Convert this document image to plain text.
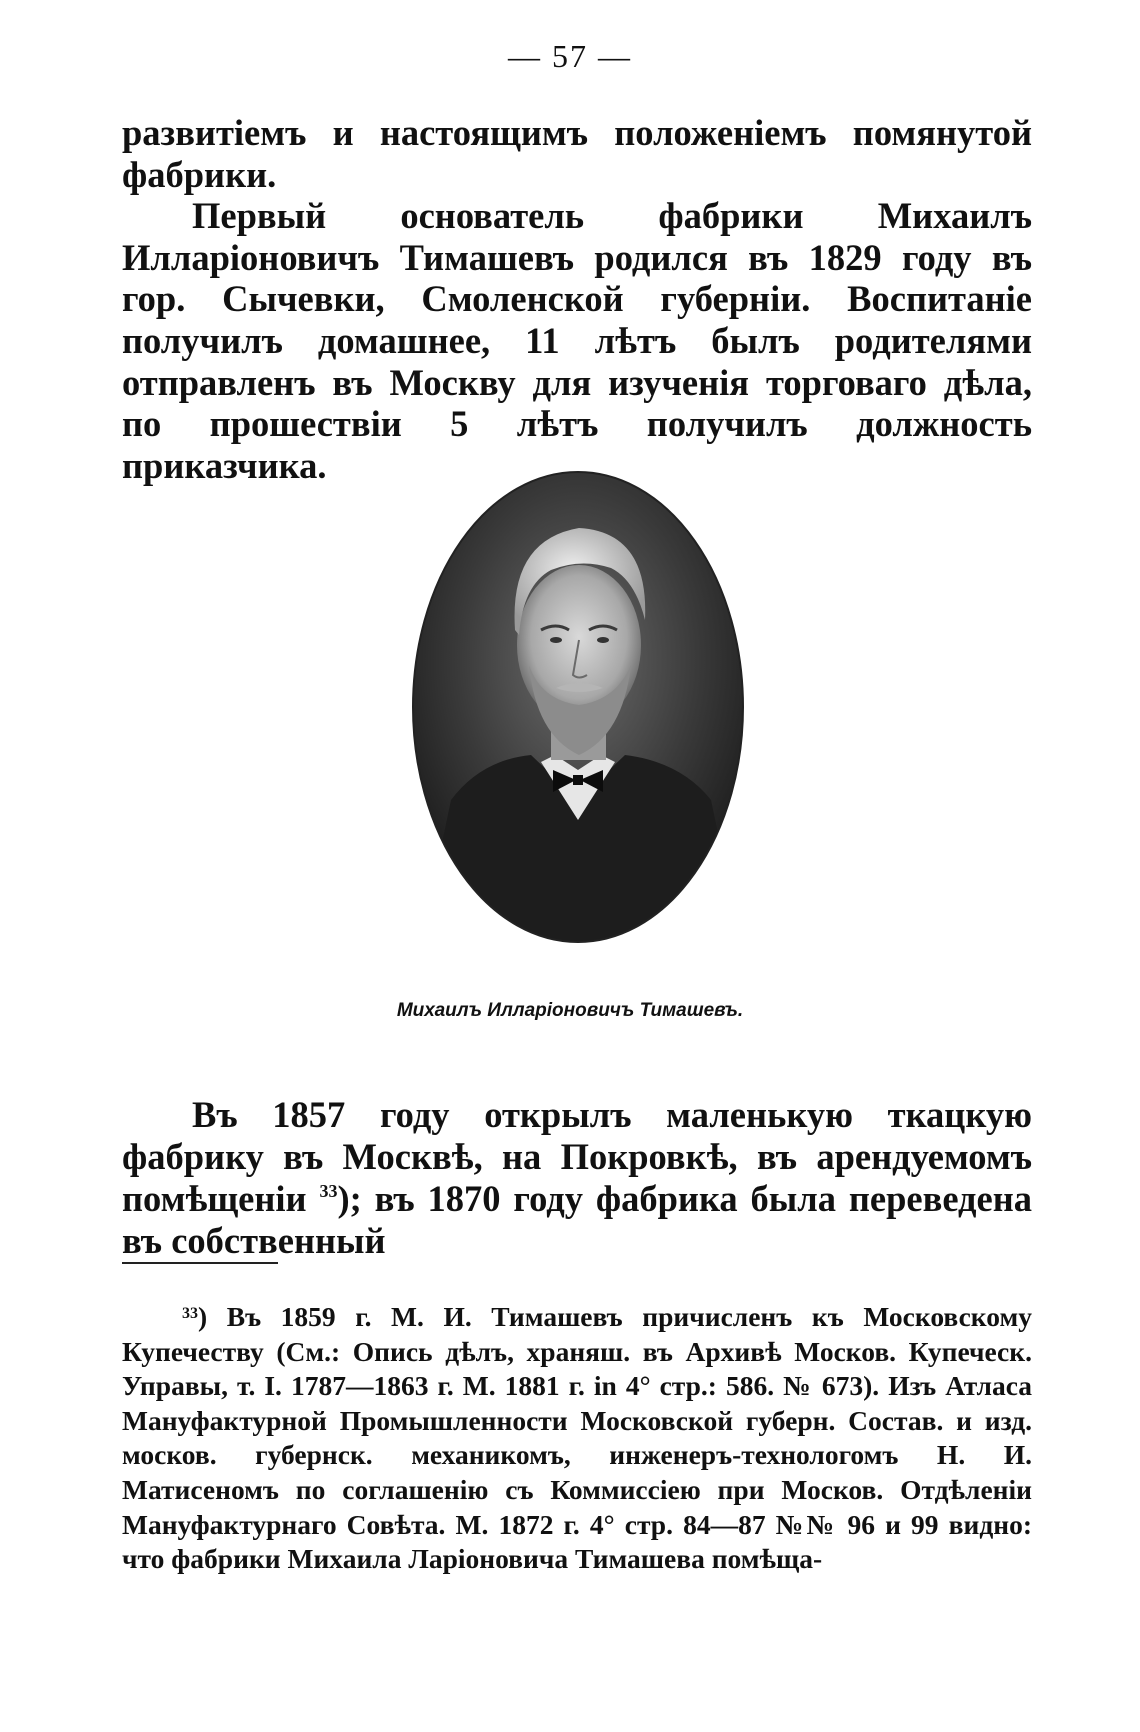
— 57 —

развитіемъ и настоящимъ положеніемъ помянутой фабрики.

Первый основатель фабрики Михаилъ Илларіоновичъ Тимашевъ родился въ 1829 году въ гор. Сычевки, Смоленской губерніи. Воспитаніе получилъ домашнее, 11 лѣтъ былъ родителями отправленъ въ Москву для изученія торговаго дѣла, по прошествіи 5 лѣтъ получилъ должность приказчика.

Михаилъ Илларіоновичъ Тимашевъ.

Въ 1857 году открылъ маленькую ткацкую фабрику въ Москвѣ, на Покровкѣ, въ арендуемомъ помѣщеніи $^{33}$); въ 1870 году фабрика была переведена въ собственный

$^{33}$) Въ 1859 г. М. И. Тимашевъ причисленъ къ Московскому Купечеству (См.: Опись дѣлъ, храняш. въ Архивѣ Москов. Купеческ. Управы, т. I. 1787—1863 г. М. 1881 г. in 4° стр.: 586. № 673). Изъ Атласа Мануфактурной Промышленности Московской губерн. Состав. и изд. москов. губернск. механикомъ, инженеръ-технологомъ Н. И. Матисеномъ по соглашенію съ Коммиссіею при Москов. Отдѣленіи Мануфактурнаго Совѣта. М. 1872 г. 4° стр. 84—87 №№ 96 и 99 видно: что фабрики Михаила Ларіоновича Тимашева помѣща-
